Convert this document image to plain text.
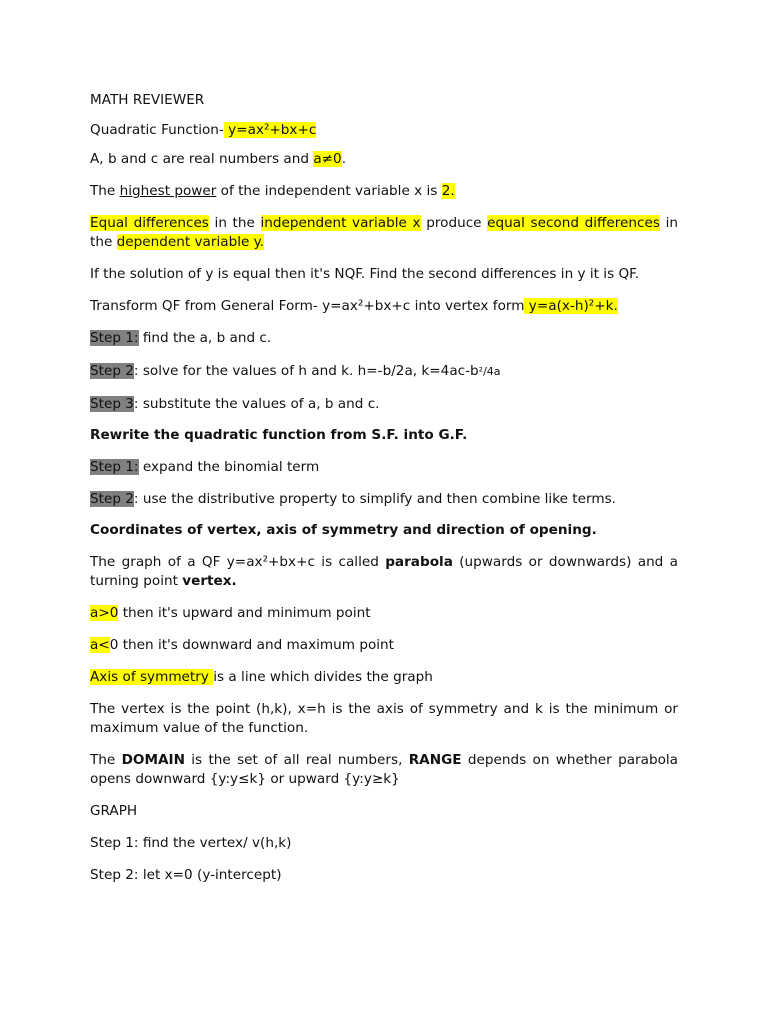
MATH REVIEWER
Quadratic Function- y=ax²+bx+c
A, b and c are real numbers and a≠0.
The highest power of the independent variable x is 2.
Equal differences in the independent variable x produce equal second differences in the dependent variable y.
If the solution of y is equal then it's NQF. Find the second differences in y it is QF.
Transform QF from General Form- y=ax²+bx+c into vertex form y=a(x-h)²+k.
Step 1: find the a, b and c.
Step 2: solve for the values of h and k. h=-b/2a, k=4ac-b²/4a
Step 3: substitute the values of a, b and c.
Rewrite the quadratic function from S.F. into G.F.
Step 1: expand the binomial term
Step 2: use the distributive property to simplify and then combine like terms.
Coordinates of vertex, axis of symmetry and direction of opening.
The graph of a QF y=ax²+bx+c is called parabola (upwards or downwards) and a turning point vertex.
a>0 then it's upward and minimum point
a<0 then it's downward and maximum point
Axis of symmetry is a line which divides the graph
The vertex is the point (h,k), x=h is the axis of symmetry and k is the minimum or maximum value of the function.
The DOMAIN is the set of all real numbers, RANGE depends on whether parabola opens downward {y:y≤k} or upward {y:y≥k}
GRAPH
Step 1: find the vertex/ v(h,k)
Step 2: let x=0 (y-intercept)
